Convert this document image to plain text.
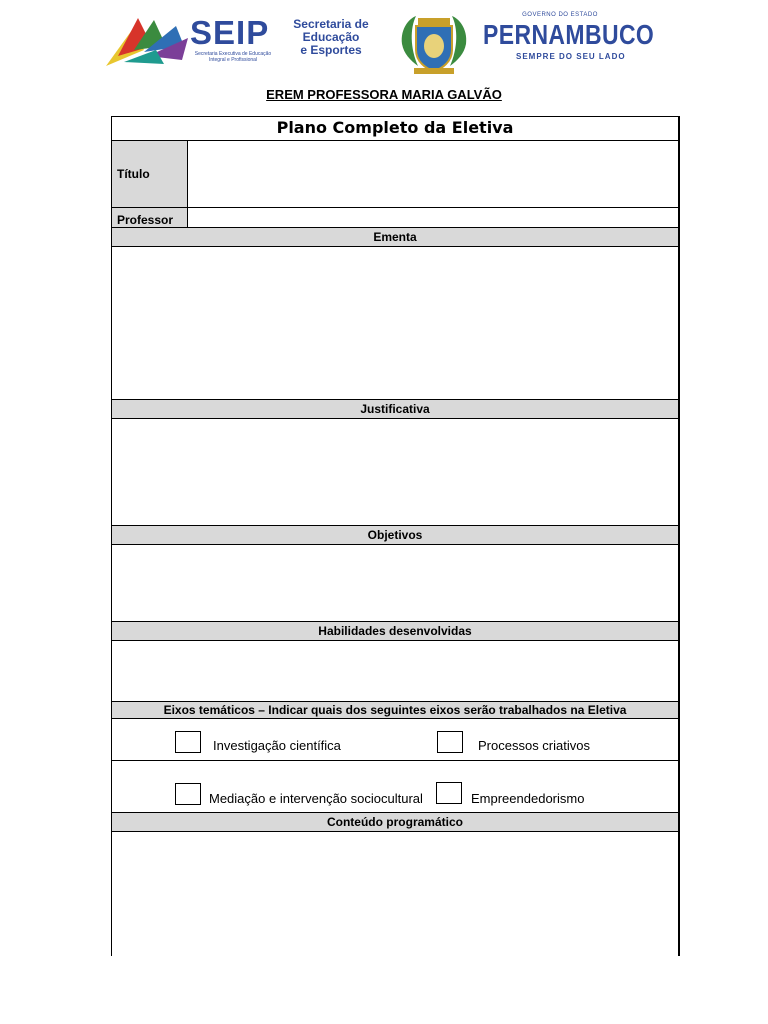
SEIP
Secretaria Executiva de Educação Integral e Profissional
Secretaria de
Educação
e Esportes
GOVERNO DO ESTADO
PERNAMBUCO
SEMPRE DO SEU LADO
EREM PROFESSORA MARIA GALVÃO
Plano Completo da Eletiva
Título
Professor
Ementa
Justificativa
Objetivos
Habilidades desenvolvidas
Eixos temáticos – Indicar quais dos seguintes eixos serão trabalhados na Eletiva
Investigação científica	Processos criativos
Mediação e intervenção sociocultural	Empreendedorismo
Conteúdo programático
